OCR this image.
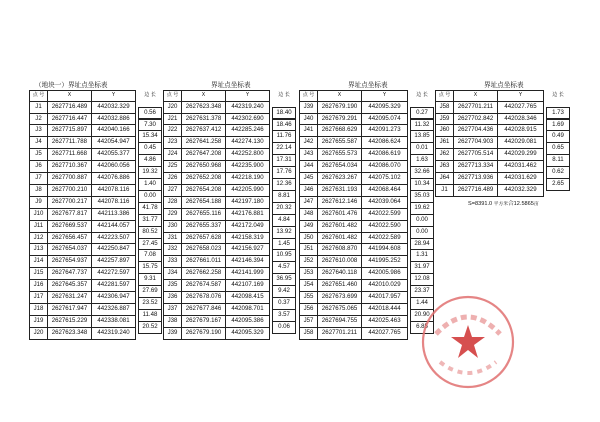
（地块一）界址点坐标表	界址点坐标表	界址点坐标表	界址点坐标表
点 号	X	Y	边 长
J1	2627716.489	442032.329	0.56

J2	2627716.447	442032.886	7.30

J3	2627715.897	442040.166	15.34

J4	2627711.788	442054.947	0.45

J5	2627711.668	442055.377	4.86

J6	2627710.367	442060.056	19.32

J7	2627700.887	442076.886	1.40

J8	2627700.210	442078.116	0.00

J9	2627700.217	442078.116	41.78

J10	2627677.817	442113.386	31.77

J11	2627669.537	442144.057	80.52

J12	2627656.457	442223.507	27.45

J13	2627654.037	442250.847	7.08

J14	2627654.937	442257.897	15.75

J15	2627647.737	442272.597	9.31

J16	2627645.357	442281.597	27.69

J17	2627631.247	442306.947	23.52

J18	2627617.947	442326.887	11.48

J19	2627615.229	442338.081	20.52

J20	2627623.348	442319.240	
点 号	X	Y	边 长
J20	2627623.348	442319.240	18.40

J21	2627631.378	442302.690	18.46

J22	2627637.412	442285.246	11.76

J23	2627641.258	442274.130	22.14

J24	2627647.208	442252.800	17.31

J25	2627650.968	442235.900	17.76

J26	2627652.208	442218.190	12.36

J27	2627654.208	442205.990	8.81

J28	2627654.188	442197.180	20.32

J29	2627655.116	442176.881	4.84

J30	2627655.337	442172.049	13.92

J31	2627657.628	442158.319	1.45

J32	2627658.023	442156.927	10.95

J33	2627661.011	442146.394	4.57

J34	2627662.258	442141.999	36.95

J35	2627674.587	442107.169	9.42

J36	2627678.076	442098.415	0.37

J37	2627677.846	442098.701	3.57

J38	2627679.167	442095.386	0.06

J39	2627679.190	442095.329	
点 号	X	Y	边 长
J39	2627679.190	442095.329	0.27

J40	2627679.291	442095.074	11.32

J41	2627668.629	442091.273	13.85

J42	2627655.587	442086.624	0.01

J43	2627655.573	442086.619	1.63

J44	2627654.034	442086.070	32.66

J45	2627623.267	442075.102	10.34

J46	2627631.193	442068.464	35.03

J47	2627612.146	442039.064	19.62

J48	2627601.476	442022.599	0.00

J49	2627601.482	442022.590	0.00

J50	2627601.482	442022.589	28.94

J51	2627608.870	441994.608	1.31

J52	2627610.008	441995.252	31.97

J53	2627640.118	442005.986	12.08

J54	2627651.460	442010.029	23.37

J55	2627673.699	442017.957	1.44

J56	2627675.065	442018.444	20.90

J57	2627694.755	442025.463	6.85

J58	2627701.211	442027.765	
点 号	X	Y	边 长
J58	2627701.211	442027.765	1.73

J59	2627702.842	442028.346	1.69

J60	2627704.436	442028.915	0.49

J61	2627704.903	442029.081	0.65

J62	2627705.514	442029.299	8.11

J63	2627713.334	442031.462	0.62

J64	2627713.936	442031.629	2.65

J1	2627716.489	442032.329	
S=8391.0 平方米合12.5865亩
